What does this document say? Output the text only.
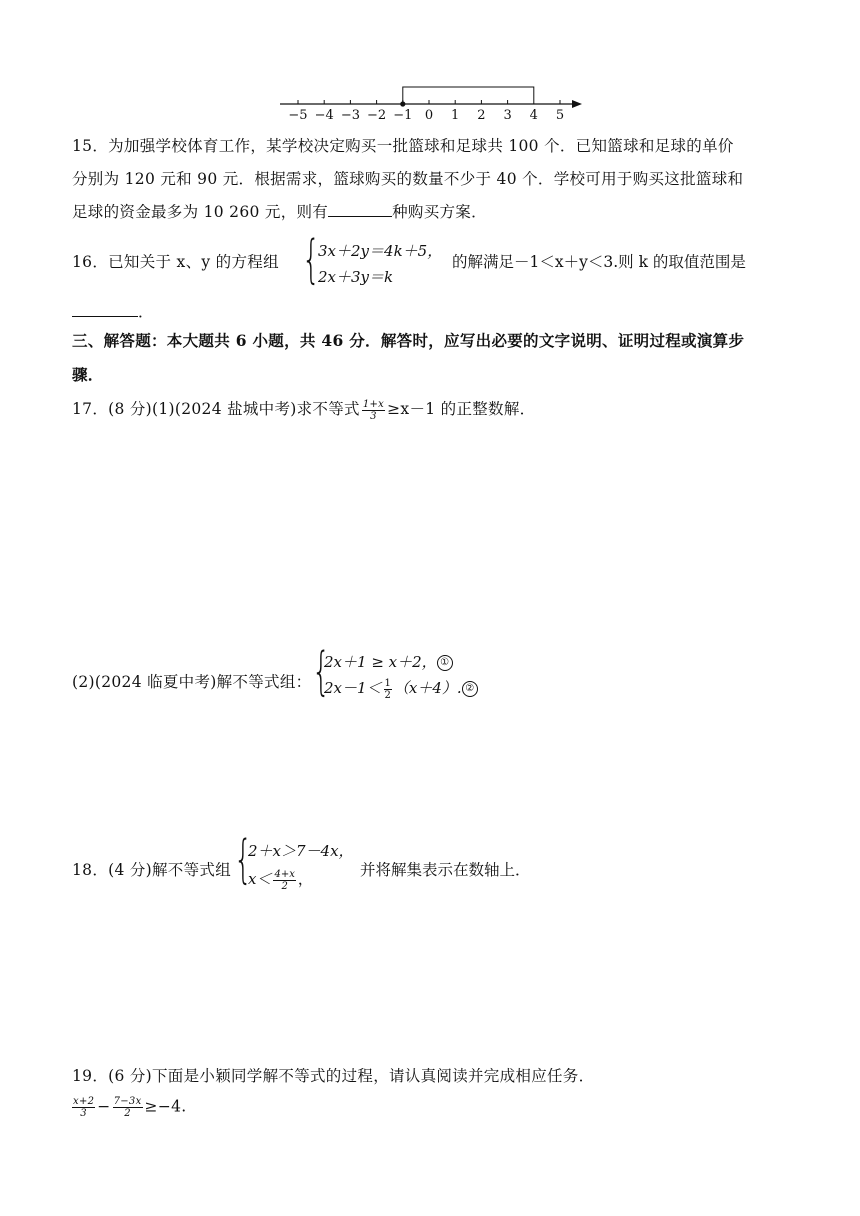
−5 −4 −3 −2 −1 0 1 2 3 4 5
15．为加强学校体育工作，某学校决定购买一批篮球和足球共 100 个．已知篮球和足球的单价
分别为 120 元和 90 元．根据需求，篮球购买的数量不少于 40 个．学校可用于购买这批篮球和
足球的资金最多为 10 260 元，则有	种购买方案．
16．已知关于 x、y 的方程组 {
3x＋2y＝4k＋5，
2x＋3y＝k
的解满足－1＜x＋y＜3.则 k 的取值范围是
．
三、解答题：本大题共 6 小题，共 46 分．解答时，应写出必要的文字说明、证明过程或演算步
骤．
17．(8 分)(1)(2024 盐城中考)求不等式 $\frac{1+x}{3} \ge x-1$ 的正整数解．
(2)(2024 临夏中考)解不等式组： {
2x＋1 ≥ x＋2， ①
$2x-1< \frac{1}{2} (x+4)$. ②
18．(4 分)解不等式组 {
2＋x＞7－4x，
$x< \frac{4+x}{2}$ ，	并将解集表示在数轴上．
19．(6 分)下面是小颖同学解不等式的过程，请认真阅读并完成相应任务．
$\frac{x+2}{3} - \frac{7-3x}{2} \ge-4$.
